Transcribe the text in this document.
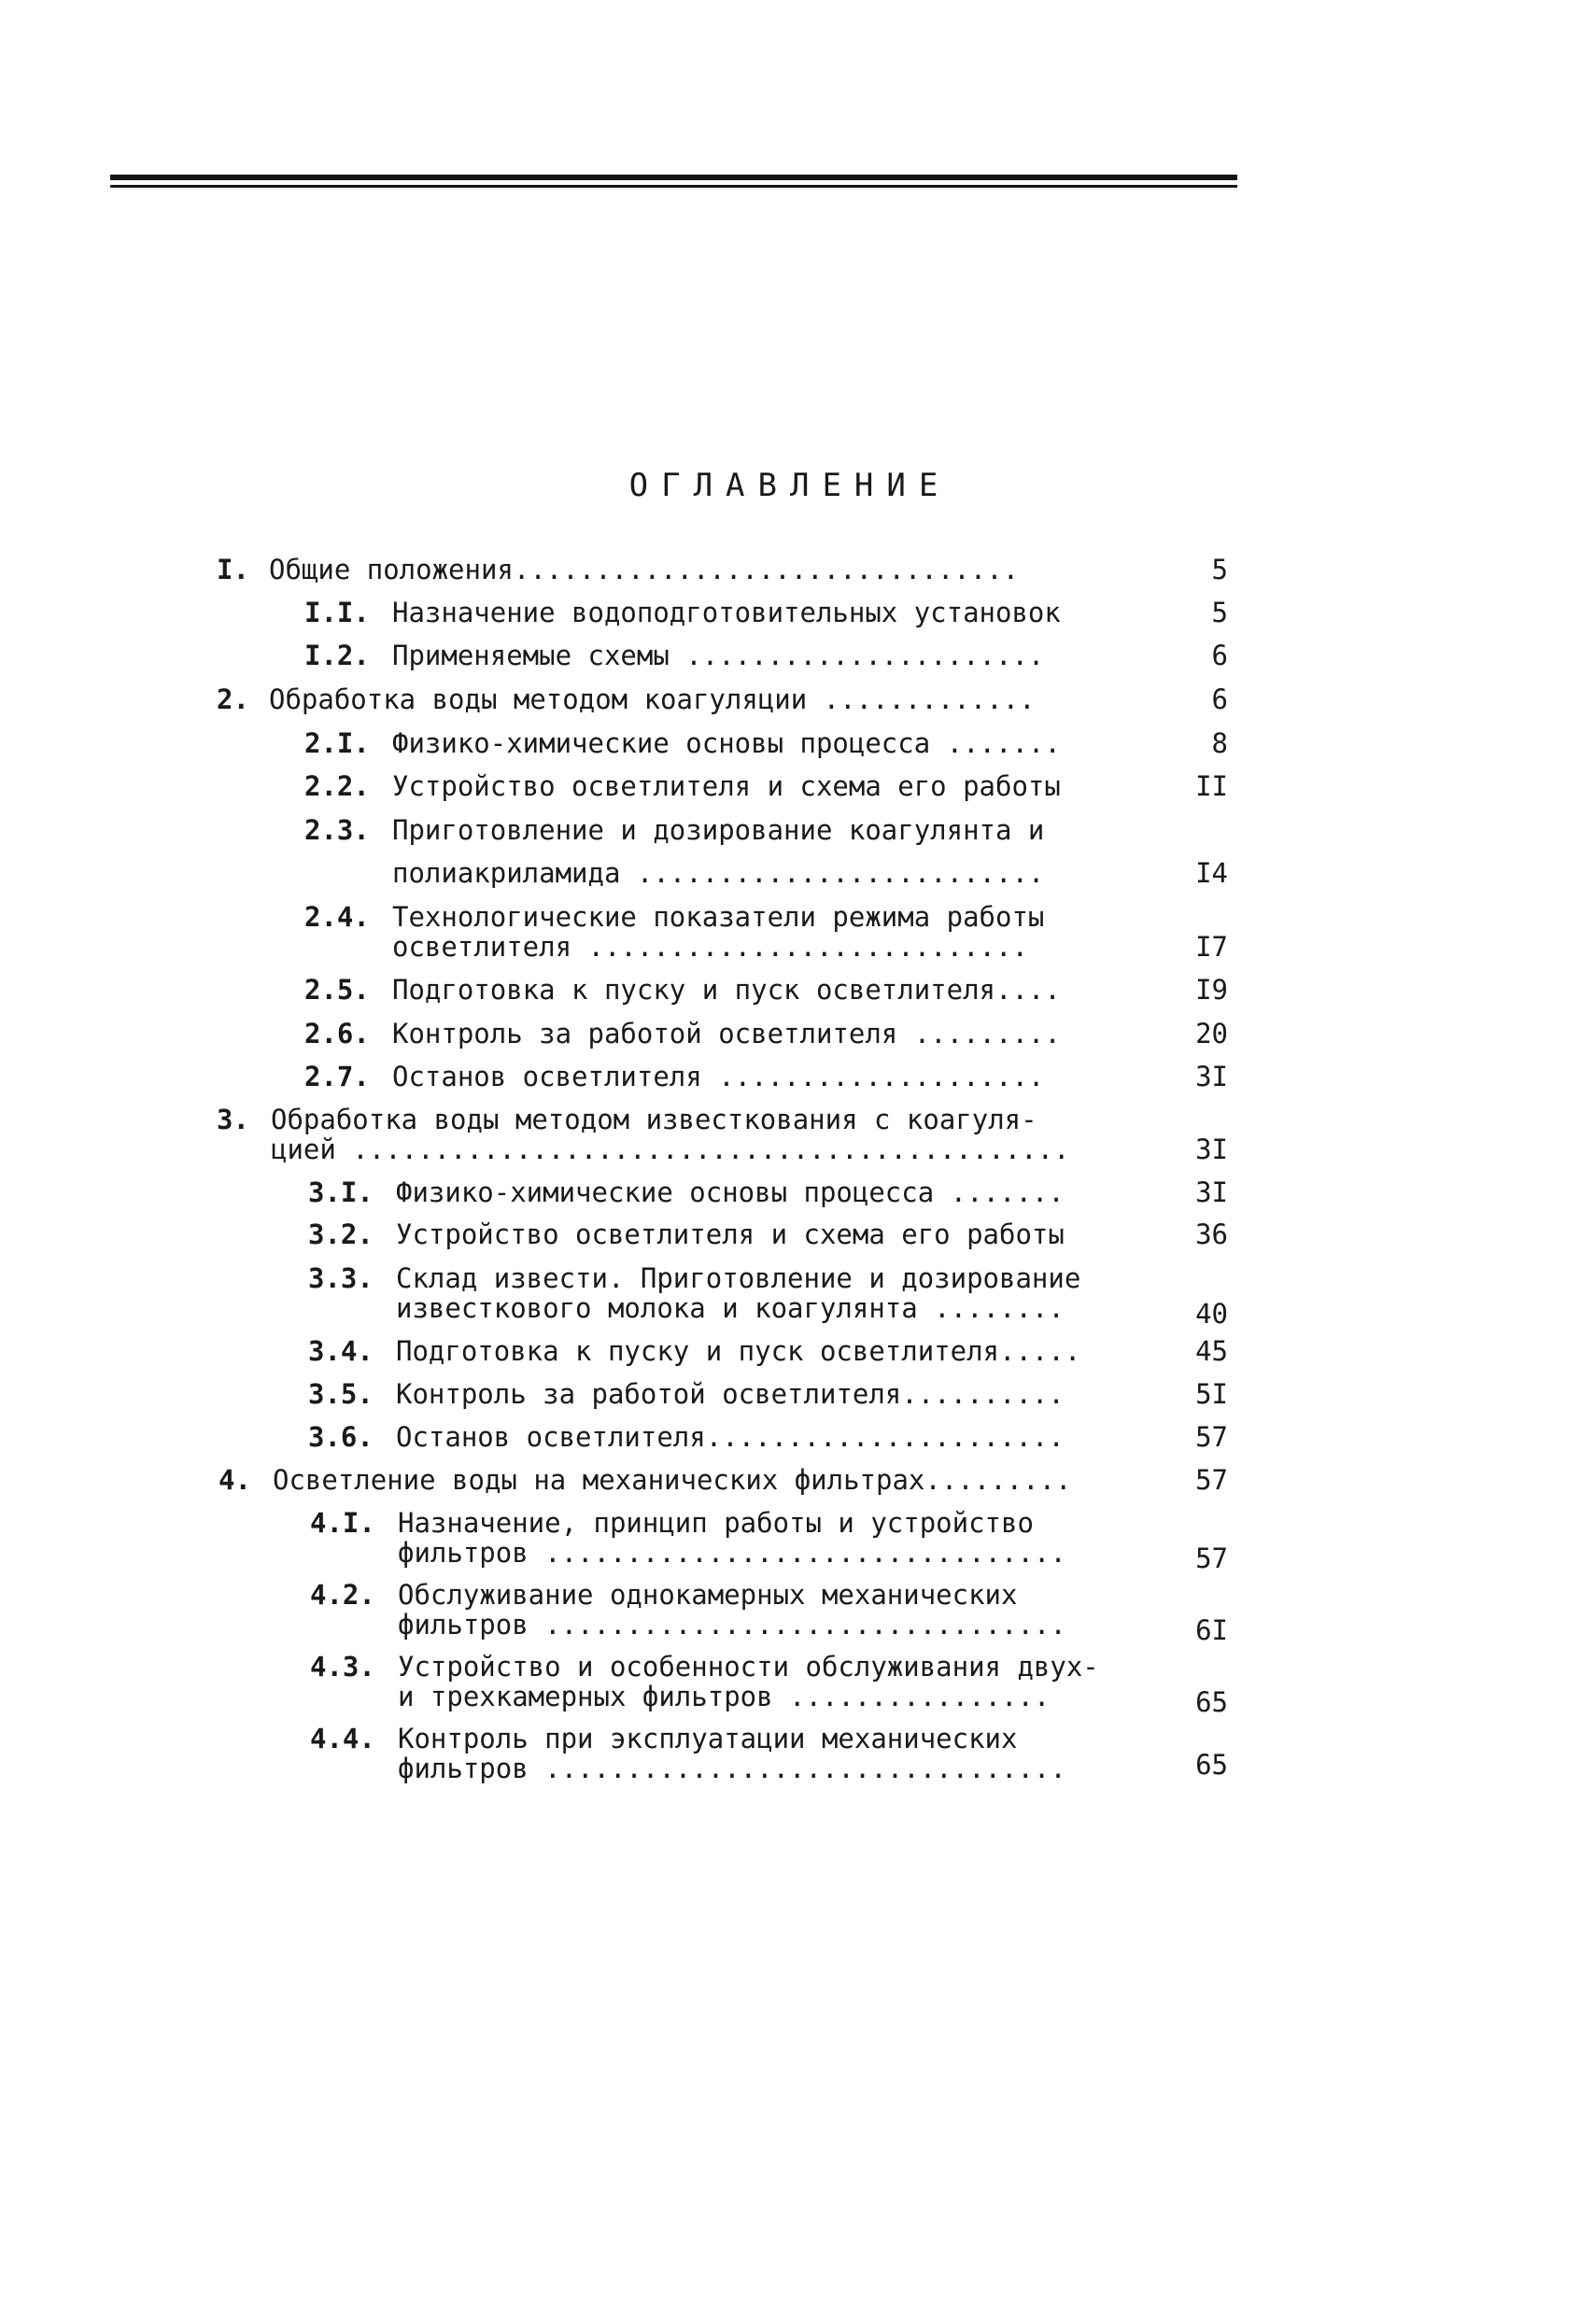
ОГЛАВЛЕНИЕ
I. Общие положения...............................	5
I.I. Назначение водоподготовительных установок	5
I.2. Применяемые схемы ......................	6
2. Обработка воды методом коагуляции .............	6
2.I. Физико-химические основы процесса .......	8
2.2. Устройство осветлителя и схема его работы	II
2.3. Приготовление и дозирование коагулянта и
полиакриламида .........................	I4
2.4. Технологические показатели режима работы
осветлителя ...........................	I7
2.5. Подготовка к пуску и пуск осветлителя....	I9
2.6. Контроль за работой осветлителя .........	20
2.7. Останов осветлителя ....................	3I
3. Обработка воды методом известкования с коагуля-
цией ............................................	3I
3.I. Физико-химические основы процесса .......	3I
3.2. Устройство осветлителя и схема его работы	36
3.3. Склад извести. Приготовление и дозирование
известкового молока и коагулянта ........	40
3.4. Подготовка к пуску и пуск осветлителя.....	45
3.5. Контроль за работой осветлителя..........	5I
3.6. Останов осветлителя......................	57
4. Осветление воды на механических фильтрах.........	57
4.I. Назначение, принцип работы и устройство
фильтров ................................	57
4.2. Обслуживание однокамерных механических
фильтров ................................	6I
4.3. Устройство и особенности обслуживания двух-
и трехкамерных фильтров ................	65
4.4. Контроль при эксплуатации механических
фильтров ................................	65
